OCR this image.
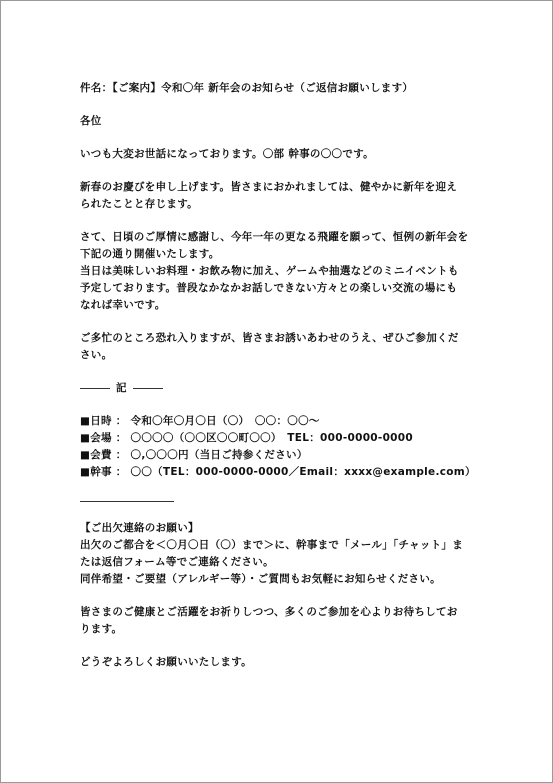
件名：【ご案内】令和〇年 新年会のお知らせ（ご返信お願いします）
各位
いつも大変お世話になっております。〇部 幹事の〇〇です。
新春のお慶びを申し上げます。皆さまにおかれましては、健やかに新年を迎え
られたことと存じます。
さて、日頃のご厚情に感謝し、今年一年の更なる飛躍を願って、恒例の新年会を
下記の通り開催いたします。
当日は美味しいお料理・お飲み物に加え、ゲームや抽選などのミニイベントも
予定しております。普段なかなかお話しできない方々との楽しい交流の場にも
なれば幸いです。
ご多忙のところ恐れ入りますが、皆さまお誘いあわせのうえ、ぜひご参加くだ
さい。
記
■日時 ： 令和〇年〇月〇日（〇）　〇〇：〇〇～
■会場 ： 〇〇〇〇（〇〇区〇〇町〇〇）　TEL：000-0000-0000
■会費 ： 〇,〇〇〇円（当日ご持参ください）
■幹事 ： 〇〇（TEL：000-0000-0000／Email：xxxx@example.com）
【ご出欠連絡のお願い】
出欠のご都合を＜〇月〇日（〇）まで＞に、幹事まで「メール」「チャット」ま
たは返信フォーム等でご連絡ください。
同伴希望・ご要望（アレルギー等）・ご質問もお気軽にお知らせください。
皆さまのご健康とご活躍をお祈りしつつ、多くのご参加を心よりお待ちしてお
ります。
どうぞよろしくお願いいたします。
